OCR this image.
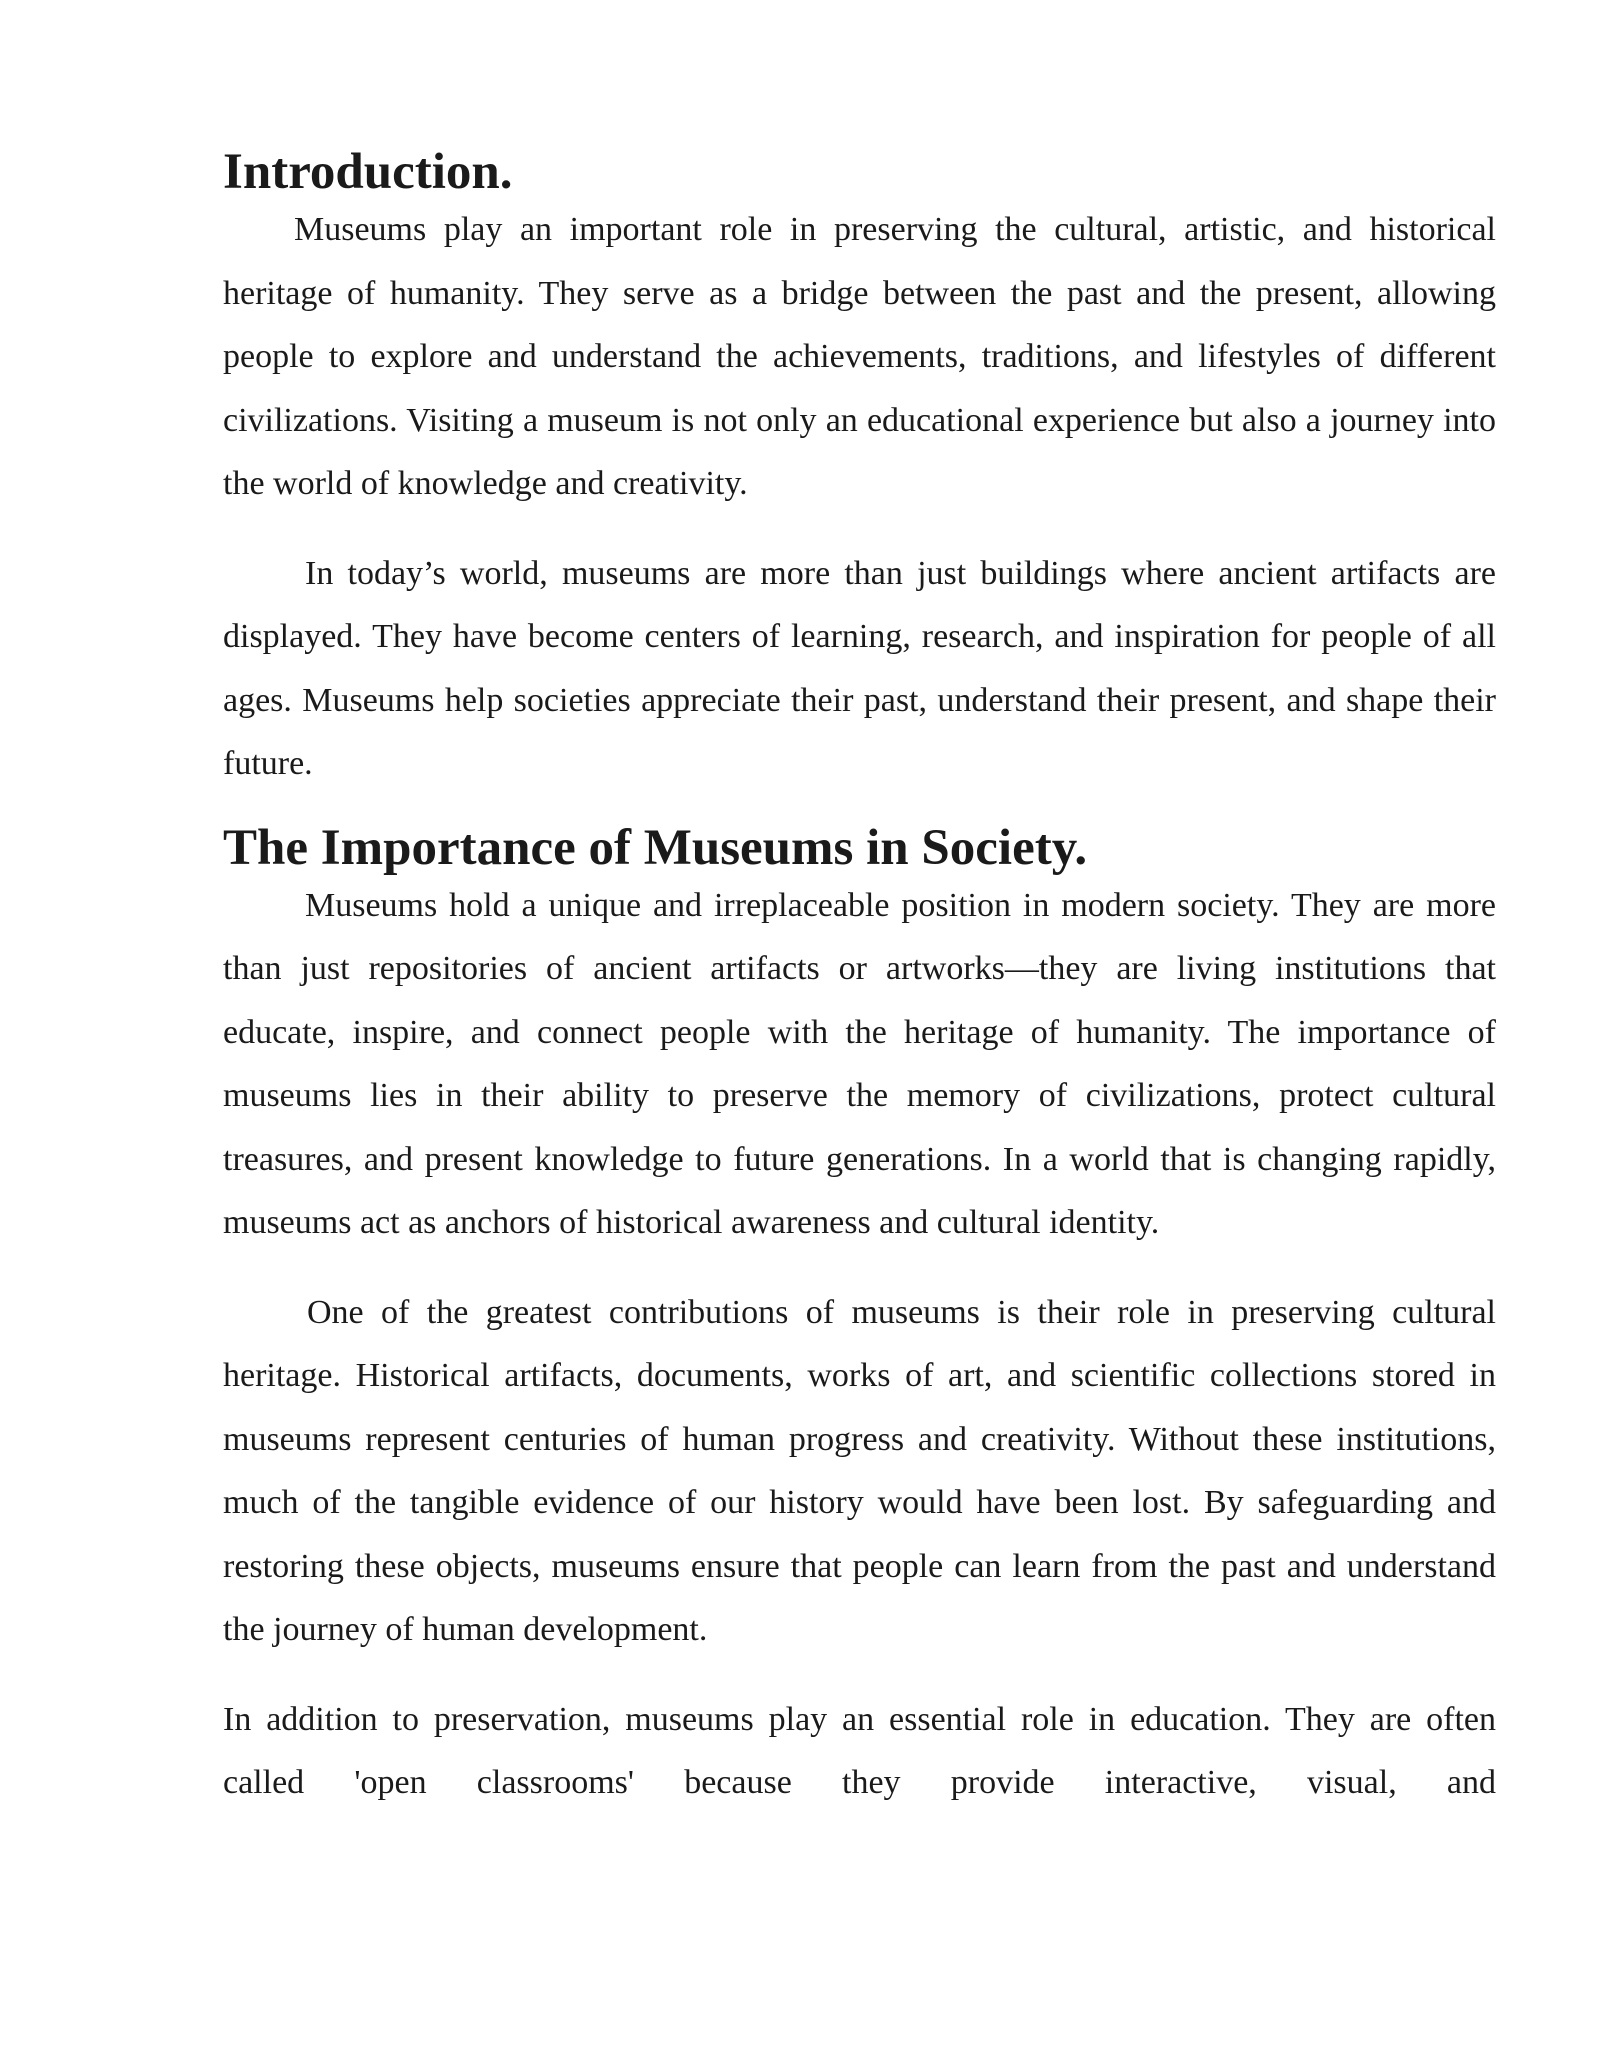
Introduction.

Museums play an important role in preserving the cultural, artistic, and historical heritage of humanity. They serve as a bridge between the past and the present, allowing people to explore and understand the achievements, traditions, and lifestyles of different civilizations. Visiting a museum is not only an educational experience but also a journey into the world of knowledge and creativity.

In today’s world, museums are more than just buildings where ancient artifacts are displayed. They have become centers of learning, research, and inspiration for people of all ages. Museums help societies appreciate their past, understand their present, and shape their future.

The Importance of Museums in Society.

Museums hold a unique and irreplaceable position in modern society. They are more than just repositories of ancient artifacts or artworks—they are living institutions that educate, inspire, and connect people with the heritage of humanity. The importance of museums lies in their ability to preserve the memory of civilizations, protect cultural treasures, and present knowledge to future generations. In a world that is changing rapidly, museums act as anchors of historical awareness and cultural identity.

One of the greatest contributions of museums is their role in preserving cultural heritage. Historical artifacts, documents, works of art, and scientific collections stored in museums represent centuries of human progress and creativity. Without these institutions, much of the tangible evidence of our history would have been lost. By safeguarding and restoring these objects, museums ensure that people can learn from the past and understand the journey of human development.

In addition to preservation, museums play an essential role in education. They are often called 'open classrooms' because they provide interactive, visual, and
